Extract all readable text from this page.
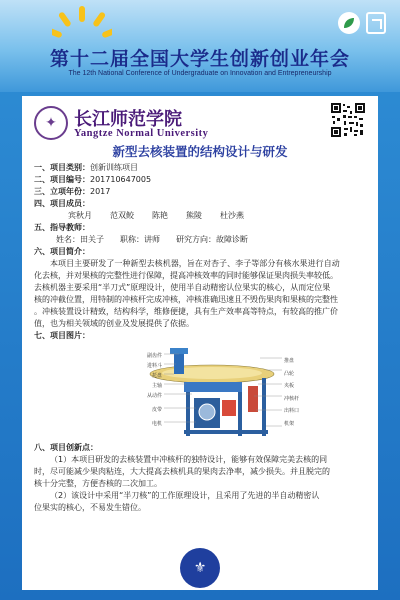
第十二届全国大学生创新创业年会
The 12th National Conference of Undergraduate on Innovation and Entrepreneurship
✦ 长江师范学院
Yangtze Normal University
新型去核装置的结构设计与研发
一、项目类别：创新训练项目
二、项目编号：201710647005
三、立项年份：2017
四、项目成员：
宾秋月 范双鲛 陈艳 熊陵 杜沙燕
五、指导教师：
姓名：田关子 职称：讲师 研究方向：故障诊断
六、项目简介：
本项目主要研发了一种新型去核机器，旨在对杏子、李子等部分有核水果进行自动
化去核，并对果核的完整性进行保障，提高冲核效率的同时能够保证果肉损失率较低。
去核机器主要采用“半刀式”原理设计，使用半自动精密认位果实的核心，从而定位果
核的冲截位置，用特制的冲核杆完成冲核，冲核准确迅速且不毁伤果肉和果核的完整性
。冲核装置设计精致，结构科学，维修便捷，具有生产效率高等特点，有较高的推广价
值，也为相关领域的创业及发展提供了依据。
七、项目图片：
副齿件
进料斗
托盘
主轴
从动件
皮带
电机
推盘
凸轮
夹板
冲核杆
出料口
机架
八、项目创新点：
（1）本项目研发的去核装置中冲核杆的独特设计，能够有效保障完美去核的同
时，尽可能减少果肉粘连，大大提高去核机具的果肉去净率，减少损失。并且脱完的
核十分完整，方便杏核的二次加工。
（2）该设计中采用“半刀核”的工作原理设计，且采用了先进的半自动精密认
位果实的核心，不易发生错位。
⚜
